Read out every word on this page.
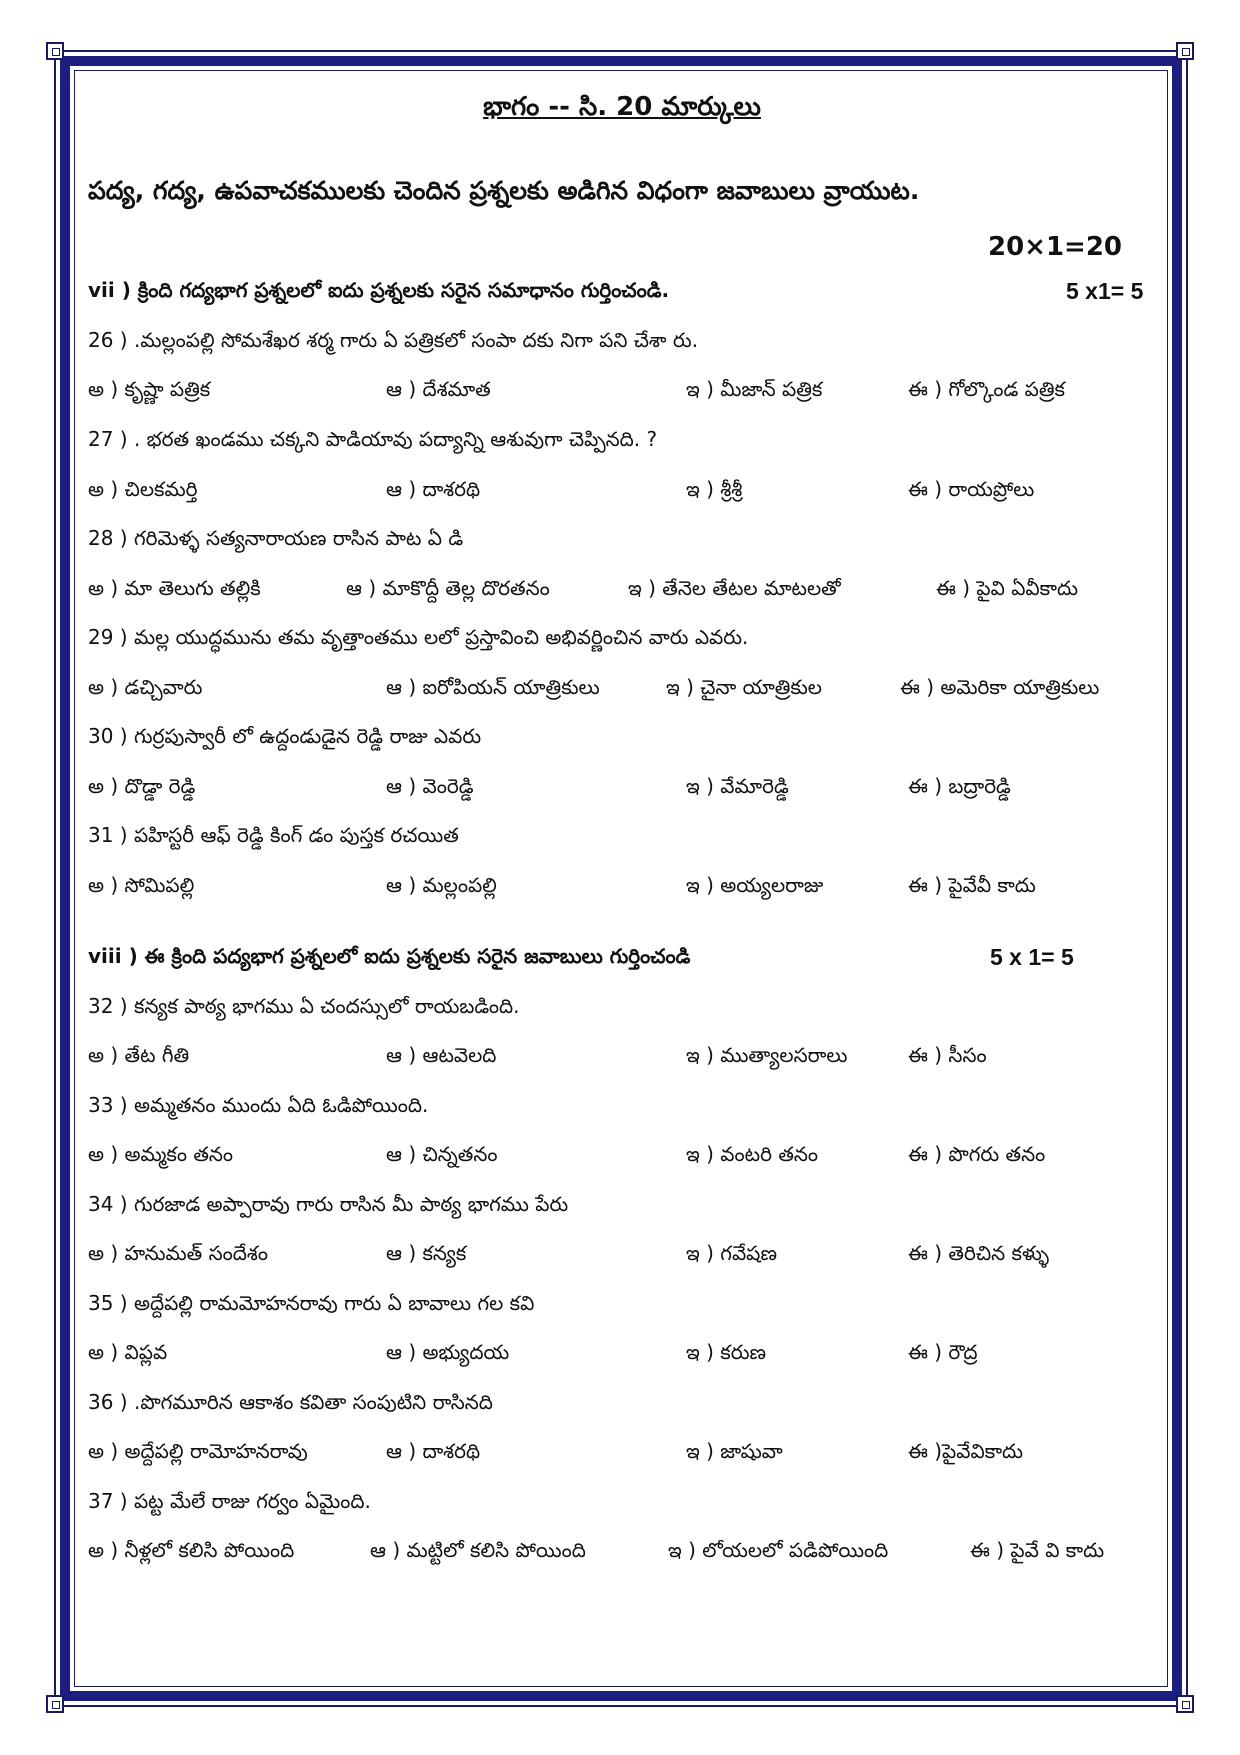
భాగం -- సి. 20 మార్కులు
పద్య, గద్య, ఉపవాచకములకు చెందిన ప్రశ్నలకు అడిగిన విధంగా జవాబులు వ్రాయుట.
20×1=20
vii ) క్రింది గద్యభాగ ప్రశ్నలలో ఐదు ప్రశ్నలకు సరైన సమాధానం గుర్తించండి.	5 x1= 5
26 ) .మల్లంపల్లి సోమశేఖర శర్మ గారు ఏ పత్రికలో సంపా దకు నిగా పని చేశా రు.
అ ) కృష్ణా పత్రిక	ఆ ) దేశమాత	ఇ ) మీజాన్ పత్రిక	ఈ ) గోల్కొండ పత్రిక
27 ) . భరత ఖండము చక్కని పాడియావు పద్యాన్ని ఆశువుగా చెప్పినది. ?
అ ) చిలకమర్తి	ఆ ) దాశరథి	ఇ ) శ్రీశ్రీ	ఈ ) రాయప్రోలు
28 ) గరిమెళ్ళ సత్యనారాయణ రాసిన పాట ఏ డి
అ ) మా తెలుగు తల్లికి	ఆ ) మాకొద్దీ తెల్ల దొరతనం	ఇ ) తేనెల తేటల మాటలతో	ఈ ) పైవి ఏవీకాదు
29 ) మల్ల యుద్ధమును తమ వృత్తాంతము లలో ప్రస్తావించి అభివర్ణించిన వారు ఎవరు.
అ ) డచ్చివారు	ఆ ) ఐరోపియన్ యాత్రికులు	ఇ ) చైనా యాత్రికుల	ఈ ) అమెరికా యాత్రికులు
30 ) గుర్రపుస్వారీ లో ఉద్దండుడైన రెడ్డి రాజు ఎవరు
అ ) దొడ్డా రెడ్డి	ఆ ) వెంరెడ్డి	ఇ ) వేమారెడ్డి	ఈ ) బద్రారెడ్డి
31 ) పహిస్టరీ ఆఫ్ రెడ్డి కింగ్ డం పుస్తక రచయిత
అ ) సోమిపల్లి	ఆ ) మల్లంపల్లి	ఇ ) అయ్యలరాజు	ఈ ) పైవేవీ కాదు
viii ) ఈ క్రింది పద్యభాగ ప్రశ్నలలో ఐదు ప్రశ్నలకు సరైన జవాబులు గుర్తించండి	5 x 1= 5
32 ) కన్యక పాఠ్య భాగము ఏ చందస్సులో రాయబడింది.
అ ) తేట గీతి	ఆ ) ఆటవెలది	ఇ ) ముత్యాలసరాలు	ఈ ) సీసం
33 ) అమ్మతనం ముందు ఏది ఓడిపోయింది.
అ ) అమ్మకం తనం	ఆ ) చిన్నతనం	ఇ ) వంటరి తనం	ఈ ) పొగరు తనం
34 ) గురజాడ అప్పారావు గారు రాసిన మీ పాఠ్య భాగము పేరు
అ ) హనుమత్ సందేశం	ఆ ) కన్యక	ఇ ) గవేషణ	ఈ ) తెరిచిన కళ్ళు
35 ) అద్దేపల్లి రామమోహనరావు గారు ఏ బావాలు గల కవి
అ ) విప్లవ	ఆ ) అభ్యుదయ	ఇ ) కరుణ	ఈ ) రౌద్ర
36 ) .పొగమూరిన ఆకాశం కవితా సంపుటిని రాసినది
అ ) అద్దేపల్లి రామోహనరావు	ఆ ) దాశరథి	ఇ ) జాషువా	ఈ )పైవేవికాదు
37 ) పట్ట మేలే రాజు గర్వం ఏమైంది.
అ ) నీళ్లలో కలిసి పోయింది	ఆ ) మట్టిలో కలిసి పోయింది	ఇ ) లోయలలో పడిపోయింది	ఈ ) పైవే వి కాదు
